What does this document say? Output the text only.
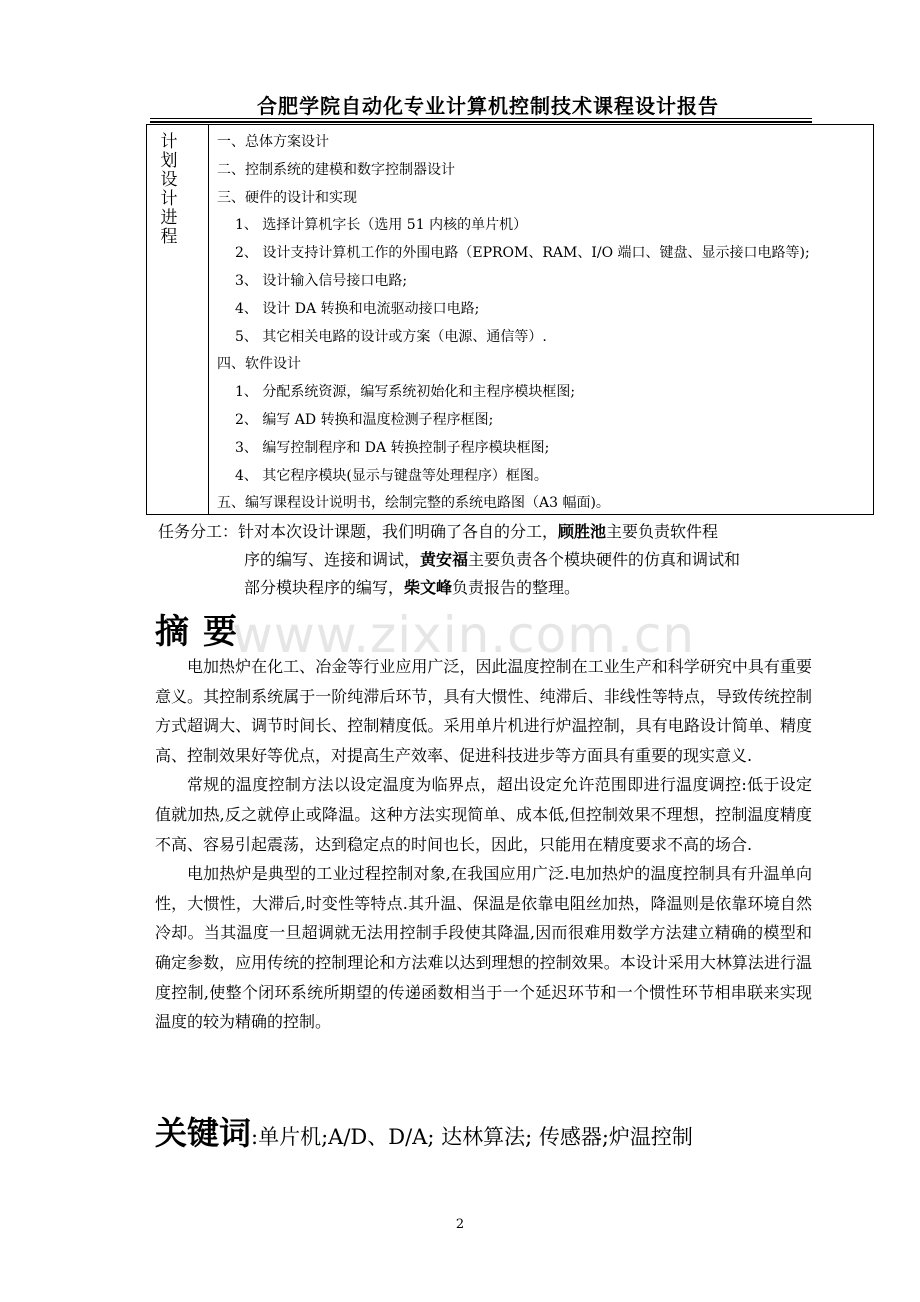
合肥学院自动化专业计算机控制技术课程设计报告
计
划
设
计
进
程
一、总体方案设计
二、控制系统的建模和数字控制器设计
三、硬件的设计和实现
1、 选择计算机字长（选用 51 内核的单片机）
2、 设计支持计算机工作的外围电路（EPROM、RAM、I/O 端口、键盘、显示接口电路等);
3、 设计输入信号接口电路;
4、 设计 DA 转换和电流驱动接口电路;
5、 其它相关电路的设计或方案（电源、通信等）.
四、软件设计
1、 分配系统资源，编写系统初始化和主程序模块框图;
2、 编写 AD 转换和温度检测子程序框图;
3、 编写控制程序和 DA 转换控制子程序模块框图;
4、 其它程序模块(显示与键盘等处理程序）框图。
五、编写课程设计说明书，绘制完整的系统电路图（A3 幅面)。
任务分工：针对本次设计课题，我们明确了各自的分工，顾胜池主要负责软件程
序的编写、连接和调试，黄安福主要负责各个模块硬件的仿真和调试和
部分模块程序的编写，柴文峰负责报告的整理。
www.zixin.com.cn
摘要

电加热炉在化工、冶金等行业应用广泛，因此温度控制在工业生产和科学研究中具有重要意义。其控制系统属于一阶纯滞后环节，具有大惯性、纯滞后、非线性等特点，导致传统控制方式超调大、调节时间长、控制精度低。采用单片机进行炉温控制，具有电路设计简单、精度高、控制效果好等优点，对提高生产效率、促进科技进步等方面具有重要的现实意义.

常规的温度控制方法以设定温度为临界点，超出设定允许范围即进行温度调控:低于设定值就加热,反之就停止或降温。这种方法实现简单、成本低,但控制效果不理想，控制温度精度不高、容易引起震荡，达到稳定点的时间也长，因此，只能用在精度要求不高的场合.

电加热炉是典型的工业过程控制对象,在我国应用广泛.电加热炉的温度控制具有升温单向性，大惯性，大滞后,时变性等特点.其升温、保温是依靠电阻丝加热，降温则是依靠环境自然冷却。当其温度一旦超调就无法用控制手段使其降温,因而很难用数学方法建立精确的模型和确定参数，应用传统的控制理论和方法难以达到理想的控制效果。本设计采用大林算法进行温度控制,使整个闭环系统所期望的传递函数相当于一个延迟环节和一个惯性环节相串联来实现温度的较为精确的控制。

关键词:单片机;A/D、D/A; 达林算法; 传感器;炉温控制
2
